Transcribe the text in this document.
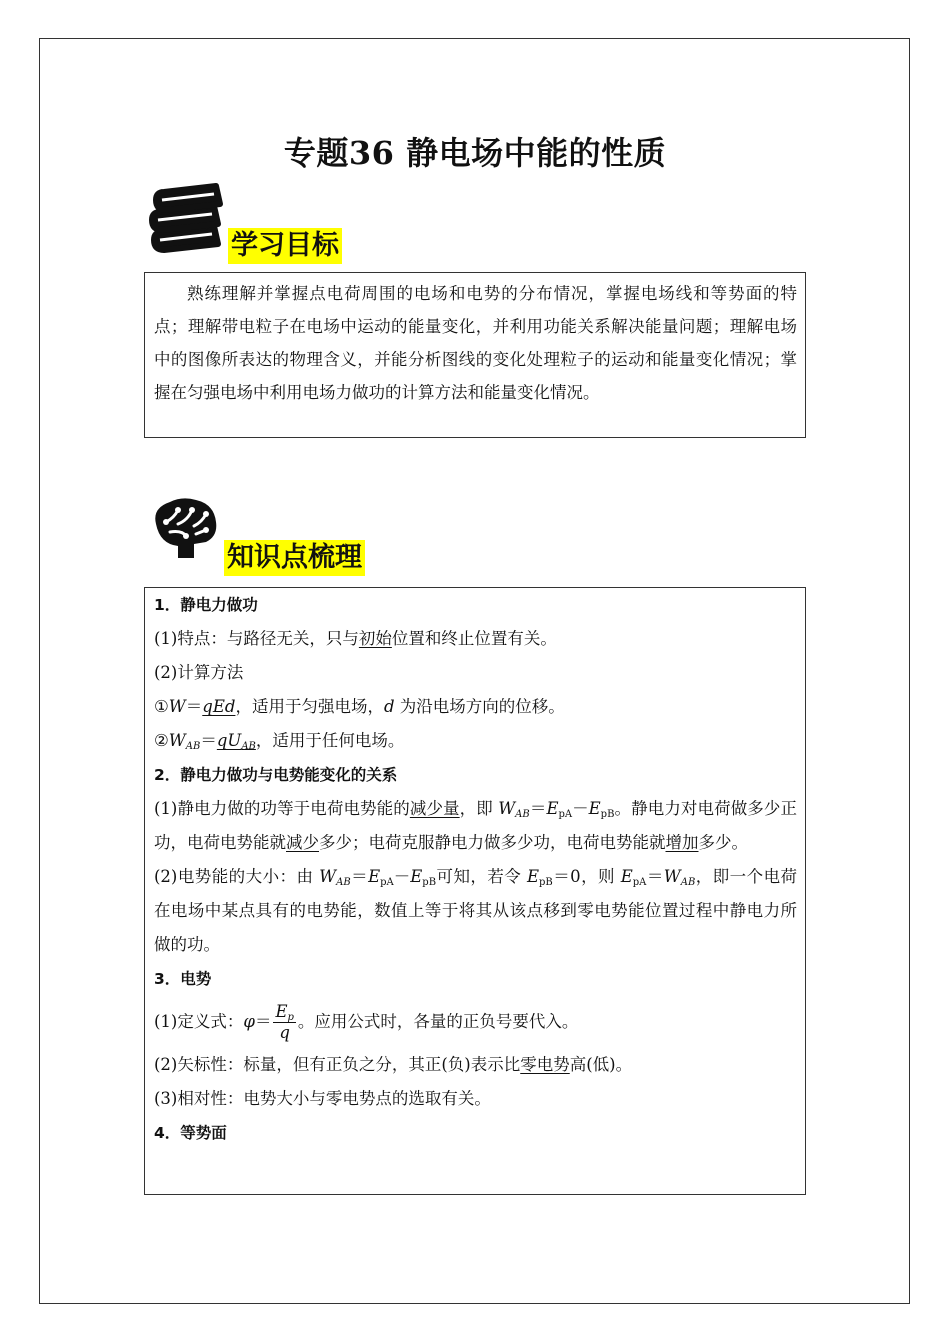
专题36 静电场中能的性质
学习目标

熟练理解并掌握点电荷周围的电场和电势的分布情况，掌握电场线和等势面的特点；理解带电粒子在电场中运动的能量变化，并利用功能关系解决能量问题；理解电场中的图像所表达的物理含义，并能分析图线的变化处理粒子的运动和能量变化情况；掌握在匀强电场中利用电场力做功的计算方法和能量变化情况。

知识点梳理
1．静电力做功
(1)特点：与路径无关，只与初始位置和终止位置有关。
(2)计算方法
①W＝qEd，适用于匀强电场，d 为沿电场方向的位移。
$②W_{AB}=qU_{AB}$，适用于任何电场。
2．静电力做功与电势能变化的关系
(1)静电力做的功等于电荷电势能的减少量，即 $W_{AB}=E_{pA}-E_{pB}$。静电力对电荷做多少正功，电荷电势能就减少多少；电荷克服静电力做多少功，电荷电势能就增加多少。
(2)电势能的大小：由 $W_{AB}=E_{pA}-E_{pB}$可知，若令 $E_{pB}=0$，则 $E_{pA}=W_{AB}$，即一个电荷在电场中某点具有的电势能，数值上等于将其从该点移到零电势能位置过程中静电力所做的功。
3．电势
(1)定义式：$\varphi= \frac{E_p}{q}$ 。应用公式时，各量的正负号要代入。
(2)矢标性：标量，但有正负之分，其正(负)表示比零电势高(低)。
(3)相对性：电势大小与零电势点的选取有关。
4．等势面
